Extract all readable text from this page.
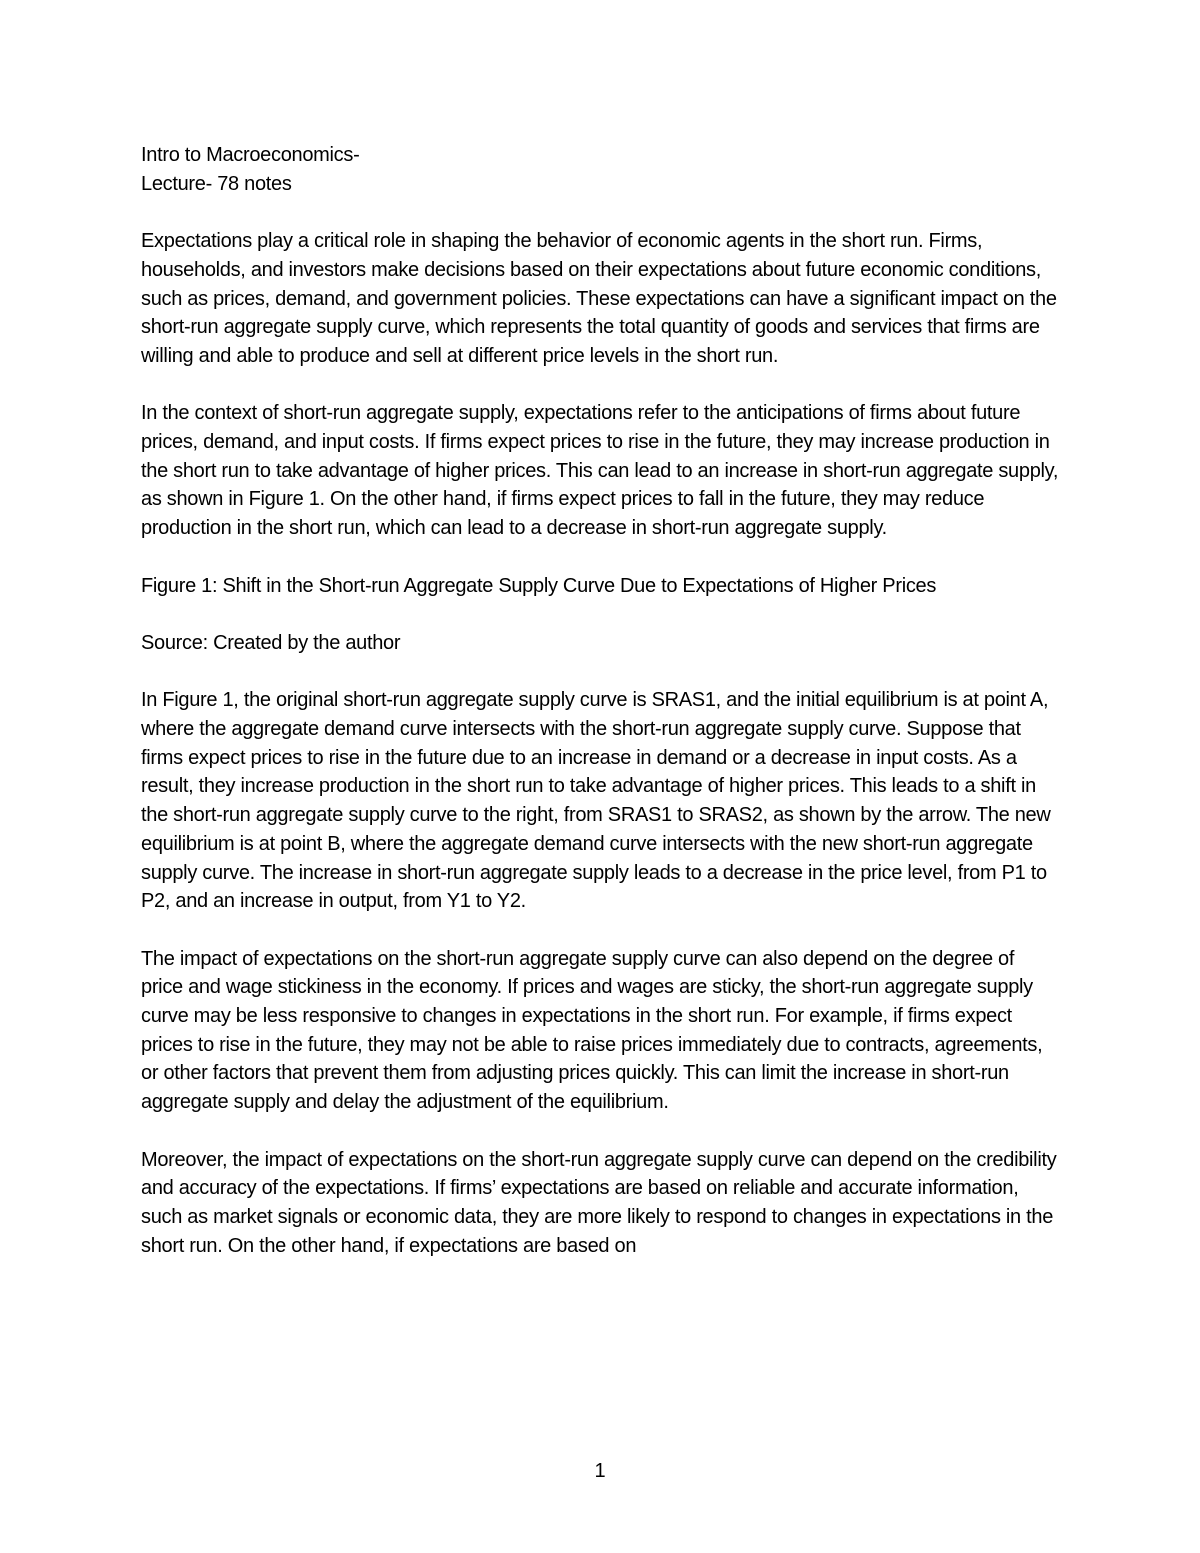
Intro to Macroeconomics-
Lecture- 78 notes

Expectations play a critical role in shaping the behavior of economic agents in the short run. Firms, households, and investors make decisions based on their expectations about future economic conditions, such as prices, demand, and government policies. These expectations can have a significant impact on the short-run aggregate supply curve, which represents the total quantity of goods and services that firms are willing and able to produce and sell at different price levels in the short run.

In the context of short-run aggregate supply, expectations refer to the anticipations of firms about future prices, demand, and input costs. If firms expect prices to rise in the future, they may increase production in the short run to take advantage of higher prices. This can lead to an increase in short-run aggregate supply, as shown in Figure 1. On the other hand, if firms expect prices to fall in the future, they may reduce production in the short run, which can lead to a decrease in short-run aggregate supply.

Figure 1: Shift in the Short-run Aggregate Supply Curve Due to Expectations of Higher Prices

Source: Created by the author

In Figure 1, the original short-run aggregate supply curve is SRAS1, and the initial equilibrium is at point A, where the aggregate demand curve intersects with the short-run aggregate supply curve. Suppose that firms expect prices to rise in the future due to an increase in demand or a decrease in input costs. As a result, they increase production in the short run to take advantage of higher prices. This leads to a shift in the short-run aggregate supply curve to the right, from SRAS1 to SRAS2, as shown by the arrow. The new equilibrium is at point B, where the aggregate demand curve intersects with the new short-run aggregate supply curve. The increase in short-run aggregate supply leads to a decrease in the price level, from P1 to P2, and an increase in output, from Y1 to Y2.

The impact of expectations on the short-run aggregate supply curve can also depend on the degree of price and wage stickiness in the economy. If prices and wages are sticky, the short-run aggregate supply curve may be less responsive to changes in expectations in the short run. For example, if firms expect prices to rise in the future, they may not be able to raise prices immediately due to contracts, agreements, or other factors that prevent them from adjusting prices quickly. This can limit the increase in short-run aggregate supply and delay the adjustment of the equilibrium.

Moreover, the impact of expectations on the short-run aggregate supply curve can depend on the credibility and accuracy of the expectations. If firms’ expectations are based on reliable and accurate information, such as market signals or economic data, they are more likely to respond to changes in expectations in the short run. On the other hand, if expectations are based on

1
